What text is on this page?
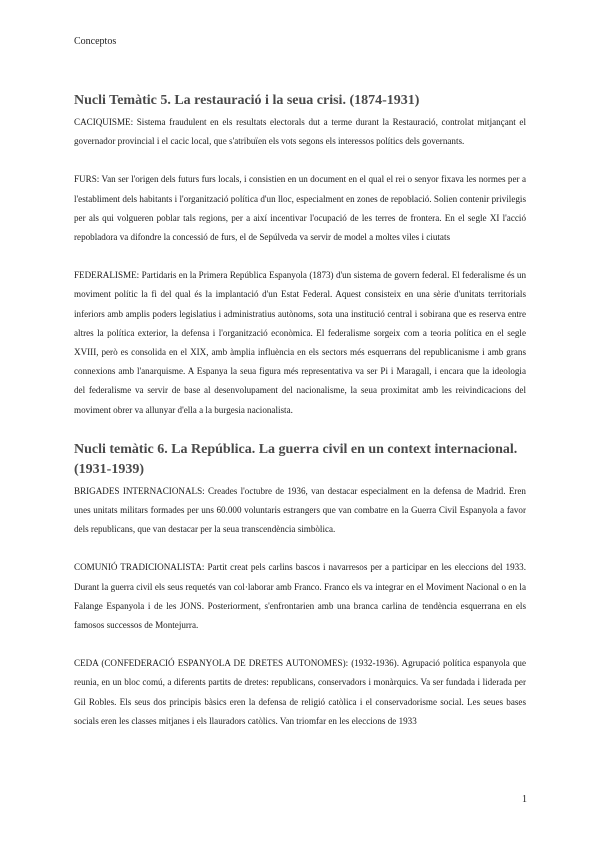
Conceptos
Nucli Temàtic 5. La restauració i la seua crisi. (1874-1931)

CACIQUISME: Sistema fraudulent en els resultats electorals dut a terme durant la Restauració, controlat mitjançant el governador provincial i el cacic local, que s'atribuïen els vots segons els interessos polítics dels governants.

FURS: Van ser l'origen dels futurs furs locals, i consistien en un document en el qual el rei o senyor fixava les normes per a l'establiment dels habitants i l'organització política d'un lloc, especialment en zones de repoblació. Solien contenir privilegis per als qui volgueren poblar tals regions, per a així incentivar l'ocupació de les terres de frontera. En el segle XI l'acció repobladora va difondre la concessió de furs, el de Sepúlveda va servir de model a moltes viles i ciutats

FEDERALISME: Partidaris en la Primera República Espanyola (1873) d'un sistema de govern federal. El federalisme és un moviment polític la fi del qual és la implantació d'un Estat Federal. Aquest consisteix en una sèrie d'unitats territorials inferiors amb amplis poders legislatius i administratius autònoms, sota una institució central i sobirana que es reserva entre altres la política exterior, la defensa i l'organització econòmica. El federalisme sorgeix com a teoria política en el segle XVIII, però es consolida en el XIX, amb àmplia influència en els sectors més esquerrans del republicanisme i amb grans connexions amb l'anarquisme. A Espanya la seua figura més representativa va ser Pi i Maragall, i encara que la ideologia del federalisme va servir de base al desenvolupament del nacionalisme, la seua proximitat amb les reivindicacions del moviment obrer va allunyar d'ella a la burgesia nacionalista.

Nucli temàtic 6. La República. La guerra civil en un context internacional.(1931-1939)

BRIGADES INTERNACIONALS: Creades l'octubre de 1936, van destacar especialment en la defensa de Madrid. Eren unes unitats militars formades per uns 60.000 voluntaris estrangers que van combatre en la Guerra Civil Espanyola a favor dels republicans, que van destacar per la seua transcendència simbòlica.

COMUNIÓ TRADICIONALISTA: Partit creat pels carlins bascos i navarresos per a participar en les eleccions del 1933. Durant la guerra civil els seus requetés van col·laborar amb Franco. Franco els va integrar en el Moviment Nacional o en la Falange Espanyola i de les JONS. Posteriorment, s'enfrontarien amb una branca carlina de tendència esquerrana en els famosos successos de Montejurra.

CEDA (CONFEDERACIÓ ESPANYOLA DE DRETES AUTONOMES): (1932-1936). Agrupació política espanyola que reunia, en un bloc comú, a diferents partits de dretes: republicans, conservadors i monàrquics. Va ser fundada i liderada per Gil Robles. Els seus dos principis bàsics eren la defensa de religió catòlica i el conservadorisme social. Les seues bases socials eren les classes mitjanes i els llauradors catòlics. Van triomfar en les eleccions de 1933

1
